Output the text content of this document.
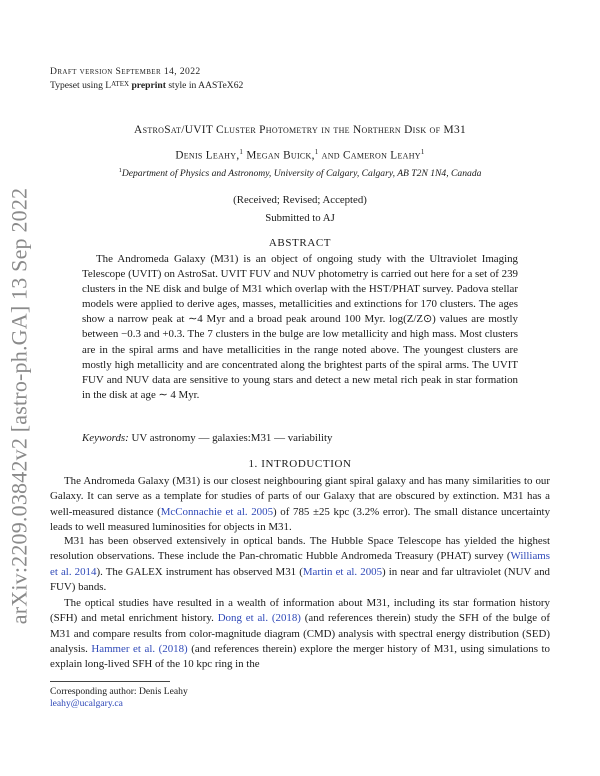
arXiv:2209.03842v2 [astro-ph.GA] 13 Sep 2022
Draft version September 14, 2022
Typeset using $L^{ATEX}$ preprint style in AASTeX62
AstroSat/UVIT Cluster Photometry in the Northern Disk of M31
Denis Leahy,$^1$ Megan Buick,$^1$ and Cameron Leahy$^1$
$^1$Department of Physics and Astronomy, University of Calgary, Calgary, AB T2N 1N4, Canada
(Received; Revised; Accepted)
Submitted to AJ
ABSTRACT
The Andromeda Galaxy (M31) is an object of ongoing study with the Ultraviolet Imaging Telescope (UVIT) on AstroSat. UVIT FUV and NUV photometry is carried out here for a set of 239 clusters in the NE disk and bulge of M31 which overlap with the HST/PHAT survey. Padova stellar models were applied to derive ages, masses, metallicities and extinctions for 170 clusters. The ages show a narrow peak at ∼4 Myr and a broad peak around 100 Myr. log(Z/Z⊙) values are mostly between −0.3 and +0.3. The 7 clusters in the bulge are low metallicity and high mass. Most clusters are in the spiral arms and have metallicities in the range noted above. The youngest clusters are mostly high metallicity and are concentrated along the brightest parts of the spiral arms. The UVIT FUV and NUV data are sensitive to young stars and detect a new metal rich peak in star formation in the disk at age ∼ 4 Myr.
Keywords: UV astronomy — galaxies:M31 — variability
1. INTRODUCTION

The Andromeda Galaxy (M31) is our closest neighbouring giant spiral galaxy and has many similarities to our Galaxy. It can serve as a template for studies of parts of our Galaxy that are obscured by extinction. M31 has a well-measured distance (McConnachie et al. 2005) of 785 ±25 kpc (3.2% error). The small distance uncertainty leads to well measured luminosities for objects in M31.

M31 has been observed extensively in optical bands. The Hubble Space Telescope has yielded the highest resolution observations. These include the Pan-chromatic Hubble Andromeda Treasury (PHAT) survey (Williams et al. 2014). The GALEX instrument has observed M31 (Martin et al. 2005) in near and far ultraviolet (NUV and FUV) bands.

The optical studies have resulted in a wealth of information about M31, including its star formation history (SFH) and metal enrichment history. Dong et al. (2018) (and references therein) study the SFH of the bulge of M31 and compare results from color-magnitude diagram (CMD) analysis with spectral energy distribution (SED) analysis. Hammer et al. (2018) (and references therein) explore the merger history of M31, using simulations to explain long-lived SFH of the 10 kpc ring in the

Corresponding author: Denis Leahy
leahy@ucalgary.ca
